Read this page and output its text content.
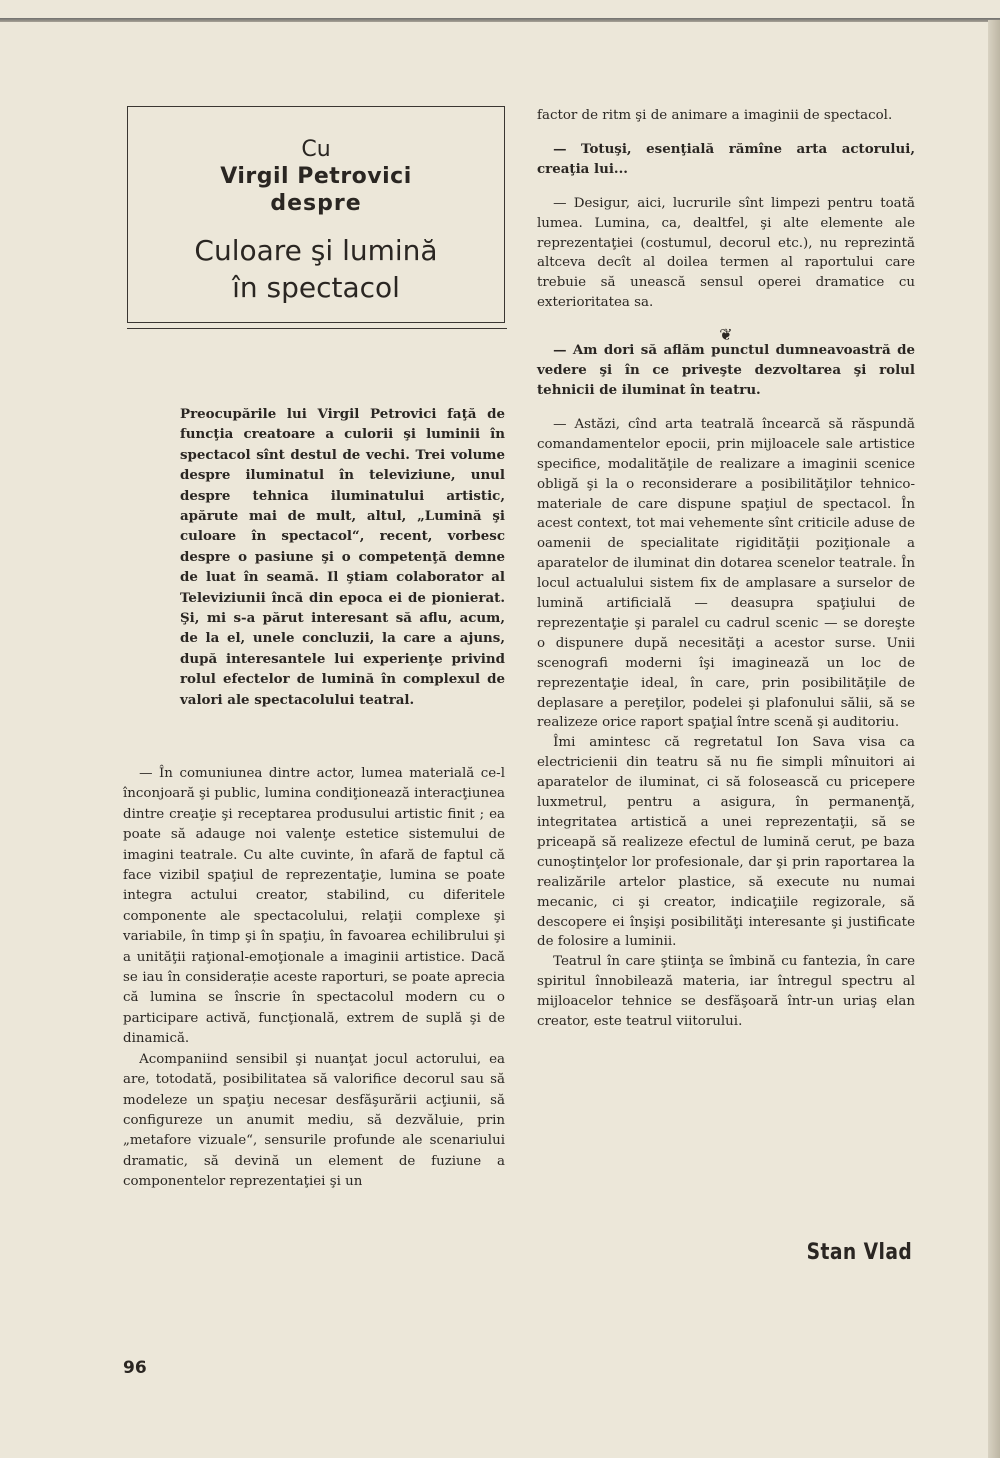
Cu
Virgil Petrovici
despre
Culoare şi lumină
în spectacol

Preocupările lui Virgil Petrovici faţă de funcţia creatoare a culorii şi luminii în spectacol sînt destul de vechi. Trei volume despre iluminatul în televiziune, unul despre tehnica iluminatului artistic, apărute mai de mult, altul, „Lumină şi culoare în spectacol“, recent, vorbesc despre o pasiune şi o competenţă demne de luat în seamă. Il ştiam colaborator al Televiziunii încă din epoca ei de pionierat. Şi, mi s-a părut interesant să aflu, acum, de la el, unele concluzii, la care a ajuns, după interesantele lui experienţe privind rolul efectelor de lumină în complexul de valori ale spectacolului teatral.

— În comuniunea dintre actor, lumea materială ce-l înconjoară şi public, lumina condiţionează interacţiunea dintre creaţie şi receptarea produsului artistic finit ; ea poate să adauge noi valenţe estetice sistemului de imagini teatrale. Cu alte cuvinte, în afară de faptul că face vizibil spaţiul de reprezentaţie, lumina se poate integra actului creator, stabilind, cu diferitele componente ale spectacolului, relaţii complexe şi variabile, în timp şi în spaţiu, în favoarea echilibrului şi a unităţii raţional-emoţionale a imaginii artistice. Dacă se iau în considerație aceste raporturi, se poate aprecia că lumina se înscrie în spectacolul modern cu o participare activă, funcţională, extrem de suplă şi de dinamică.

Acompaniind sensibil şi nuanţat jocul actorului, ea are, totodată, posibilitatea să valorifice decorul sau să modeleze un spaţiu necesar desfăşurării acţiunii, să configureze un anumit mediu, să dezvăluie, prin „metafore vizuale“, sensurile profunde ale scenariului dramatic, să devină un element de fuziune a componentelor reprezentaţiei şi un

factor de ritm şi de animare a imaginii de spectacol.

— Totuşi, esenţială rămîne arta actorului, creaţia lui...

— Desigur, aici, lucrurile sînt limpezi pentru toată lumea. Lumina, ca, dealtfel, şi alte elemente ale reprezentaţiei (costumul, decorul etc.), nu reprezintă altceva decît al doilea termen al raportului care trebuie să unească sensul operei dramatice cu exterioritatea sa.

❦

— Am dori să aflăm punctul dumneavoastră de vedere şi în ce priveşte dezvoltarea şi rolul tehnicii de iluminat în teatru.

— Astăzi, cînd arta teatrală încearcă să răspundă comandamentelor epocii, prin mijloacele sale artistice specifice, modalităţile de realizare a imaginii scenice obligă şi la o reconsiderare a posibilităţilor tehnico-materiale de care dispune spaţiul de spectacol. În acest context, tot mai vehemente sînt criticile aduse de oamenii de specialitate rigidităţii poziţionale a aparatelor de iluminat din dotarea scenelor teatrale. În locul actualului sistem fix de amplasare a surselor de lumină artificială — deasupra spaţiului de reprezentaţie şi paralel cu cadrul scenic — se doreşte o dispunere după necesităţi a acestor surse. Unii scenografi moderni îşi imaginează un loc de reprezentaţie ideal, în care, prin posibilităţile de deplasare a pereţilor, podelei şi plafonului sălii, să se realizeze orice raport spaţial între scenă şi auditoriu.

Îmi amintesc că regretatul Ion Sava visa ca electricienii din teatru să nu fie simpli mînuitori ai aparatelor de iluminat, ci să folosească cu pricepere luxmetrul, pentru a asigura, în permanenţă, integritatea artistică a unei reprezentaţii, să se priceapă să realizeze efectul de lumină cerut, pe baza cunoştinţelor lor profesionale, dar şi prin raportarea la realizările artelor plastice, să execute nu numai mecanic, ci şi creator, indicaţiile regizorale, să descopere ei înşişi posibilităţi interesante şi justificate de folosire a luminii.

Teatrul în care ştiinţa se îmbină cu fantezia, în care spiritul înnobilează materia, iar întregul spectru al mijloacelor tehnice se desfăşoară într-un uriaş elan creator, este teatrul viitorului.

Stan Vlad
96
